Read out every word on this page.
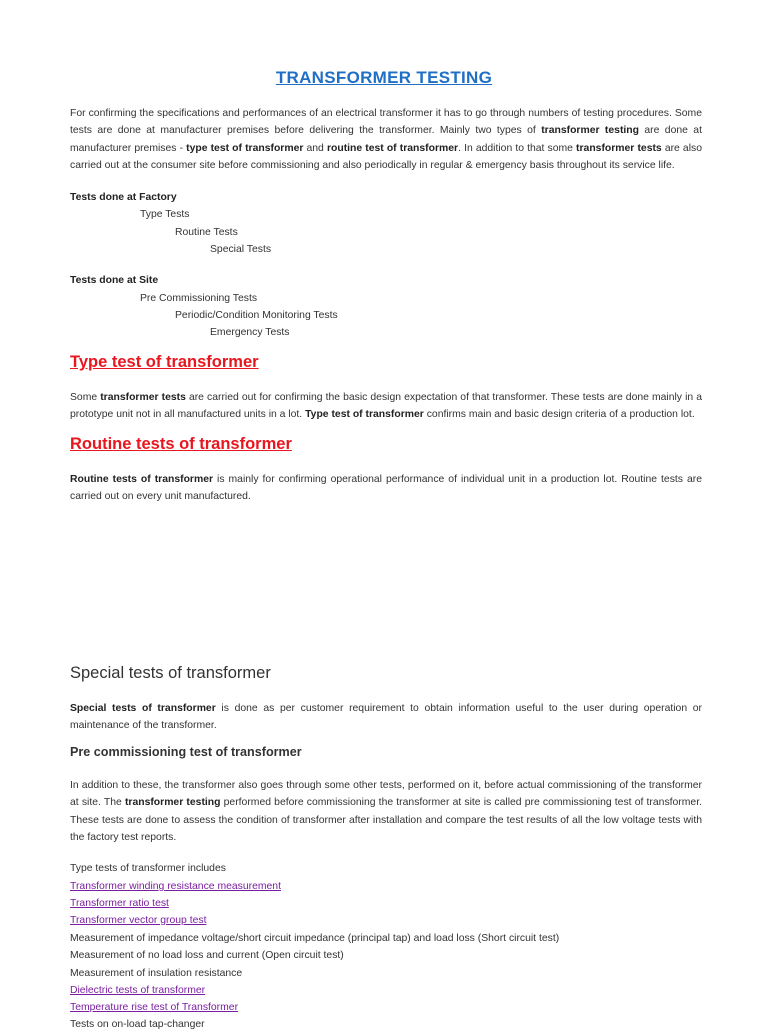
TRANSFORMER TESTING

For confirming the specifications and performances of an electrical transformer it has to go through numbers of testing procedures. Some tests are done at manufacturer premises before delivering the transformer. Mainly two types of transformer testing are done at manufacturer premises - type test of transformer and routine test of transformer. In addition to that some transformer tests are also carried out at the consumer site before commissioning and also periodically in regular & emergency basis throughout its service life.

Tests done at Factory
Type Tests
Routine Tests
Special Tests
Tests done at Site
Pre Commissioning Tests
Periodic/Condition Monitoring Tests
Emergency Tests
Type test of transformer

Some transformer tests are carried out for confirming the basic design expectation of that transformer. These tests are done mainly in a prototype unit not in all manufactured units in a lot. Type test of transformer confirms main and basic design criteria of a production lot.

Routine tests of transformer

Routine tests of transformer is mainly for confirming operational performance of individual unit in a production lot. Routine tests are carried out on every unit manufactured.

Special tests of transformer

Special tests of transformer is done as per customer requirement to obtain information useful to the user during operation or maintenance of the transformer.

Pre commissioning test of transformer

In addition to these, the transformer also goes through some other tests, performed on it, before actual commissioning of the transformer at site. The transformer testing performed before commissioning the transformer at site is called pre commissioning test of transformer. These tests are done to assess the condition of transformer after installation and compare the test results of all the low voltage tests with the factory test reports.

Type tests of transformer includes
Transformer winding resistance measurement
Transformer ratio test
Transformer vector group test
Measurement of impedance voltage/short circuit impedance (principal tap) and load loss (Short circuit test)
Measurement of no load loss and current (Open circuit test)
Measurement of insulation resistance
Dielectric tests of transformer
Temperature rise test of Transformer
Tests on on-load tap-changer
